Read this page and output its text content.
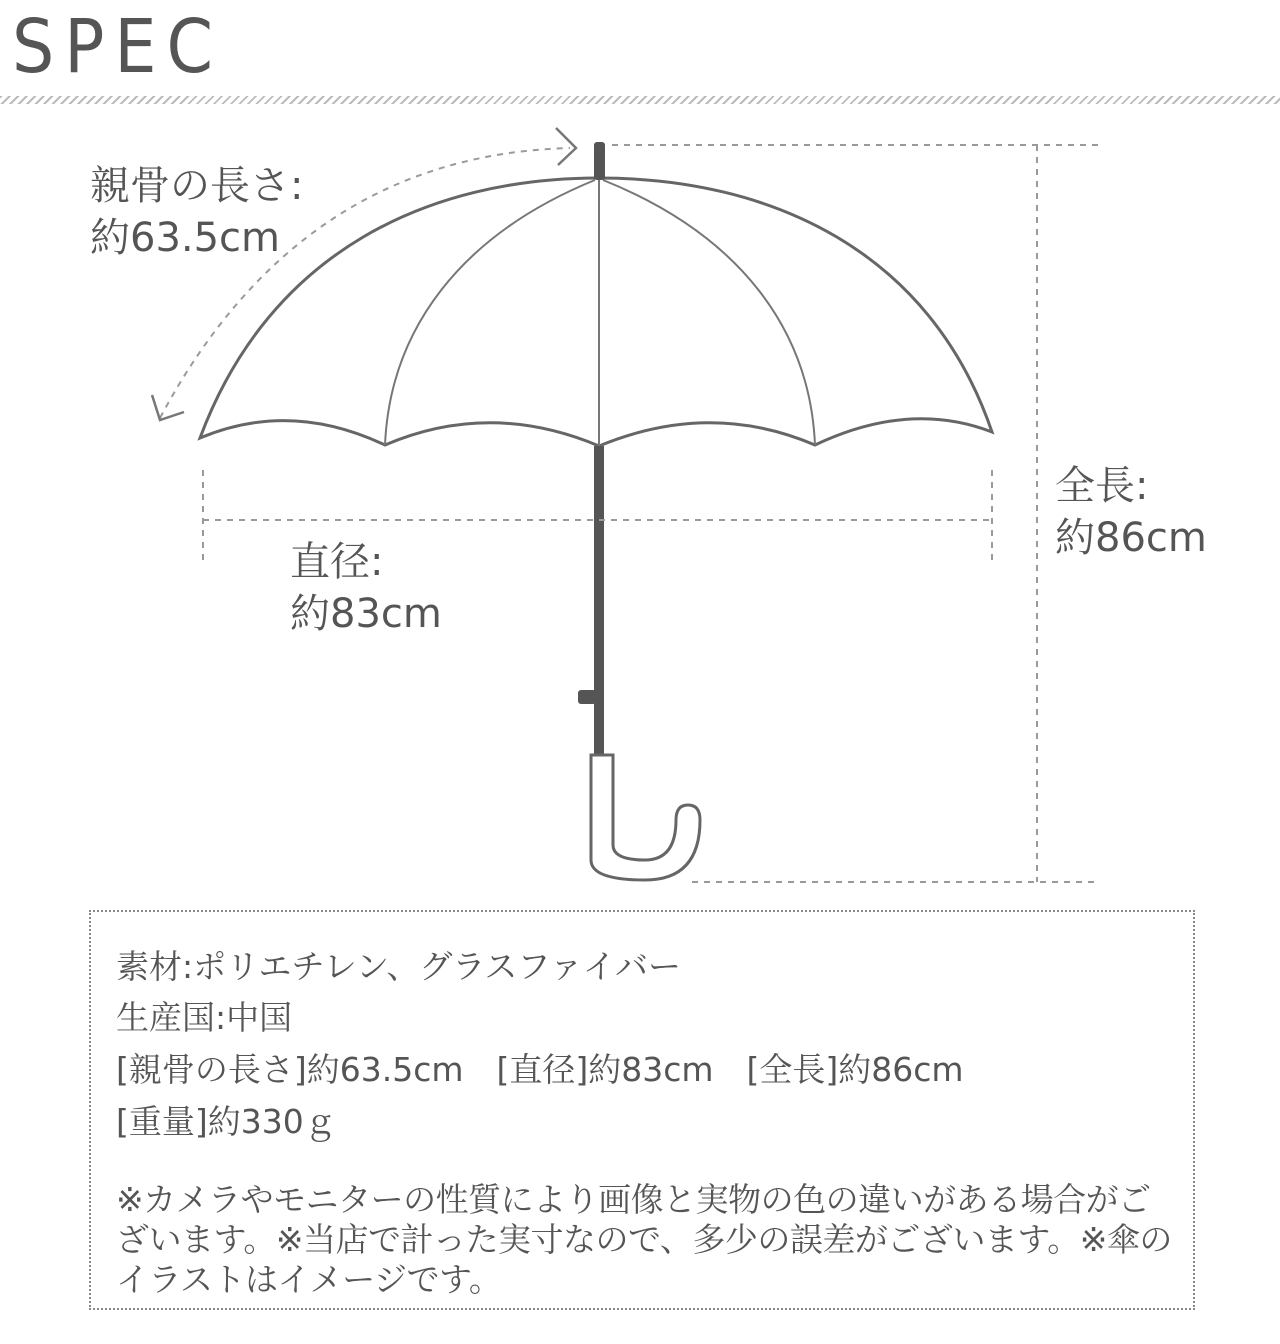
SPEC
親骨の長さ:
約63.5cm
直径:
約83cm
全長:
約86cm
素材:ポリエチレン、グラスファイバー
生産国:中国
[親骨の長さ]約63.5cm　[直径]約83cm　[全長]約86cm
[重量]約330ｇ
※カメラやモニターの性質により画像と実物の色の違いがある場合がございます。※当店で計った実寸なので、多少の誤差がございます。※傘のイラストはイメージです。
